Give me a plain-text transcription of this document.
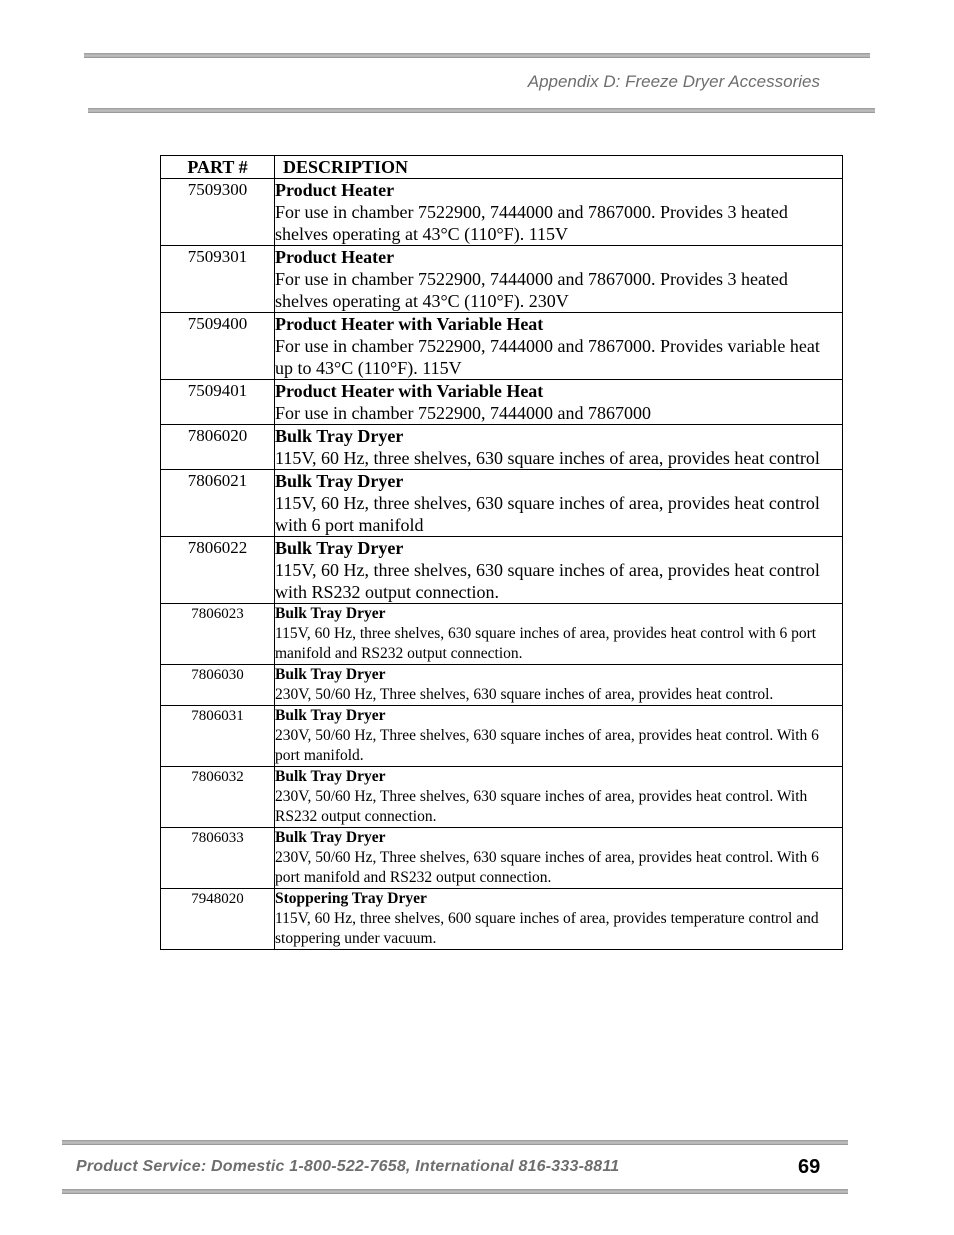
Appendix D: Freeze Dryer Accessories
PART #	DESCRIPTION
7509300	Product Heater
For use in chamber 7522900, 7444000 and 7867000. Provides 3 heated shelves operating at 43°C (110°F). 115V

7509301	Product Heater
For use in chamber 7522900, 7444000 and 7867000. Provides 3 heated shelves operating at 43°C (110°F). 230V

7509400	Product Heater with Variable Heat
For use in chamber 7522900, 7444000 and 7867000. Provides variable heat up to 43°C (110°F). 115V

7509401	Product Heater with Variable Heat
For use in chamber 7522900, 7444000 and 7867000

7806020	Bulk Tray Dryer
115V, 60 Hz, three shelves, 630 square inches of area, provides heat control

7806021	Bulk Tray Dryer
115V, 60 Hz, three shelves, 630 square inches of area, provides heat control with 6 port manifold

7806022	Bulk Tray Dryer
115V, 60 Hz, three shelves, 630 square inches of area, provides heat control with RS232 output connection.

7806023	Bulk Tray Dryer
115V, 60 Hz, three shelves, 630 square inches of area, provides heat control with 6 port manifold and RS232 output connection.

7806030	Bulk Tray Dryer
230V, 50/60 Hz, Three shelves, 630 square inches of area, provides heat control.

7806031	Bulk Tray Dryer
230V, 50/60 Hz, Three shelves, 630 square inches of area, provides heat control. With 6 port manifold.

7806032	Bulk Tray Dryer
230V, 50/60 Hz, Three shelves, 630 square inches of area, provides heat control. With RS232 output connection.

7806033	Bulk Tray Dryer
230V, 50/60 Hz, Three shelves, 630 square inches of area, provides heat control. With 6 port manifold and RS232 output connection.

7948020	Stoppering Tray Dryer
115V, 60 Hz, three shelves, 600 square inches of area, provides temperature control and stoppering under vacuum.
Product Service: Domestic 1-800-522-7658, International 816-333-8811	69
